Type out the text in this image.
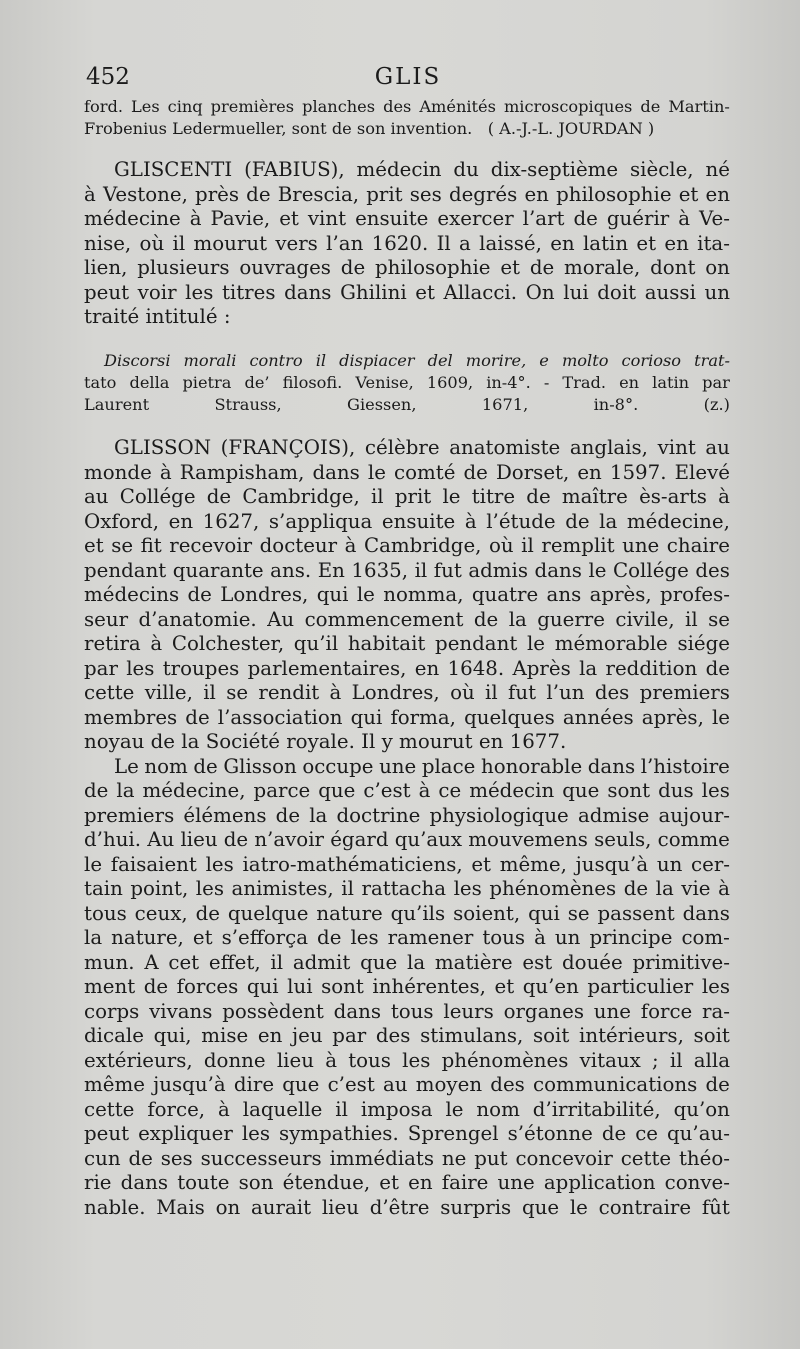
452	GLIS
ford. Les cinq premières planches des Aménités microscopiques de Martin-
Frobenius Ledermueller, sont de son invention.   ( A.-J.-L. JOURDAN )
GLISCENTI (FABIUS), médecin du dix-septième siècle, né
à Vestone, près de Brescia, prit ses degrés en philosophie et en
médecine à Pavie, et vint ensuite exercer l’art de guérir à Ve-
nise, où il mourut vers l’an 1620. Il a laissé, en latin et en ita-
lien, plusieurs ouvrages de philosophie et de morale, dont on
peut voir les titres dans Ghilini et Allacci. On lui doit aussi un
traité intitulé :
Discorsi morali contro il dispiacer del morire, e molto corioso trat-
tato della pietra de’ filosofi. Venise, 1609, in-4°. - Trad. en latin par
Laurent	Strauss,	Giessen,	1671,	in-8°.	(z.)
GLISSON (FRANÇOIS), célèbre anatomiste anglais, vint au
monde à Rampisham, dans le comté de Dorset, en 1597. Elevé
au Collége de Cambridge, il prit le titre de maître ès-arts à
Oxford, en 1627, s’appliqua ensuite à l’étude de la médecine,
et se fit recevoir docteur à Cambridge, où il remplit une chaire
pendant quarante ans. En 1635, il fut admis dans le Collége des
médecins de Londres, qui le nomma, quatre ans après, profes-
seur d’anatomie. Au commencement de la guerre civile, il se
retira à Colchester, qu’il habitait pendant le mémorable siége
par les troupes parlementaires, en 1648. Après la reddition de
cette ville, il se rendit à Londres, où il fut l’un des premiers
membres de l’association qui forma, quelques années après, le
noyau de la Société royale. Il y mourut en 1677.
Le nom de Glisson occupe une place honorable dans l’histoire
de la médecine, parce que c’est à ce médecin que sont dus les
premiers élémens de la doctrine physiologique admise aujour-
d’hui. Au lieu de n’avoir égard qu’aux mouvemens seuls, comme
le faisaient les iatro-mathématiciens, et même, jusqu’à un cer-
tain point, les animistes, il rattacha les phénomènes de la vie à
tous ceux, de quelque nature qu’ils soient, qui se passent dans
la nature, et s’efforça de les ramener tous à un principe com-
mun. A cet effet, il admit que la matière est douée primitive-
ment de forces qui lui sont inhérentes, et qu’en particulier les
corps vivans possèdent dans tous leurs organes une force ra-
dicale qui, mise en jeu par des stimulans, soit intérieurs, soit
extérieurs, donne lieu à tous les phénomènes vitaux ; il alla
même jusqu’à dire que c’est au moyen des communications de
cette force, à laquelle il imposa le nom d’irritabilité, qu’on
peut expliquer les sympathies. Sprengel s’étonne de ce qu’au-
cun de ses successeurs immédiats ne put concevoir cette théo-
rie dans toute son étendue, et en faire une application conve-
nable. Mais on aurait lieu d’être surpris que le contraire fût
